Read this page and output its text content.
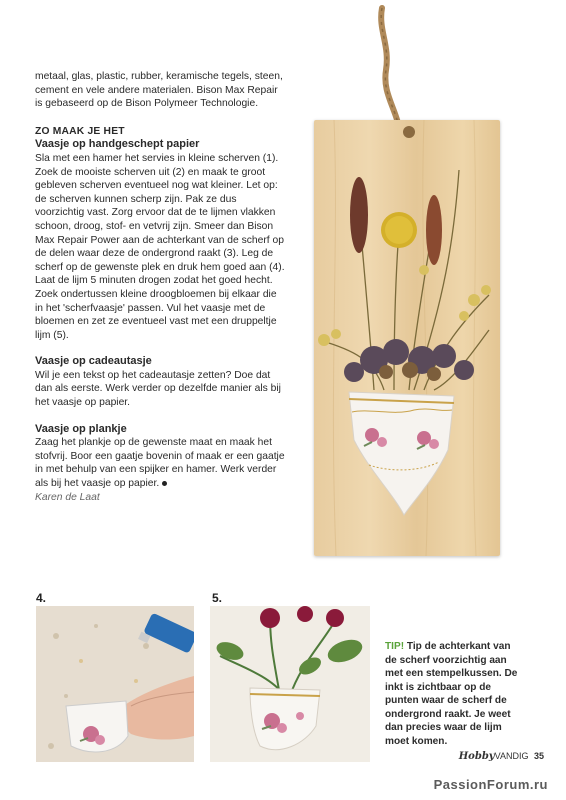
metaal, glas, plastic, rubber, keramische tegels, steen, cement en vele andere materialen. Bison Max Repair is gebaseerd op de Bison Polymeer Technologie.

ZO MAAK JE HET

Vaasje op handgeschept papier

Sla met een hamer het servies in kleine scherven (1). Zoek de mooiste scherven uit (2) en maak te groot gebleven scherven eventueel nog wat kleiner. Let op: de scherven kunnen scherp zijn. Pak ze dus voorzichtig vast. Zorg ervoor dat de te lijmen vlakken schoon, droog, stof- en vetvrij zijn. Smeer dan Bison Max Repair Power aan de achterkant van de scherf op de delen waar deze de ondergrond raakt (3). Leg de scherf op de gewenste plek en druk hem goed aan (4). Laat de lijm 5 minuten drogen zodat het goed hecht. Zoek ondertussen kleine droogbloemen bij elkaar die in het 'scherfvaasje' passen. Vul het vaasje met de bloemen en zet ze eventueel vast met een druppeltje lijm (5).

Vaasje op cadeautasje

Wil je een tekst op het cadeautasje zetten? Doe dat dan als eerste. Werk verder op dezelfde manier als bij het vaasje op papier.

Vaasje op plankje

Zaag het plankje op de gewenste maat en maak het stofvrij. Boor een gaatje bovenin of maak er een gaatje in met behulp van een spijker en hamer. Werk verder als bij het vaasje op papier.

Karen de Laat

4.	5.
TIP! Tip de achterkant van de scherf voorzichtig aan met een stempelkussen. De inkt is zichtbaar op de punten waar de scherf de ondergrond raakt. Je weet dan precies waar de lijm moet komen.
HobbyVANDIG 35
PassionForum.ru
